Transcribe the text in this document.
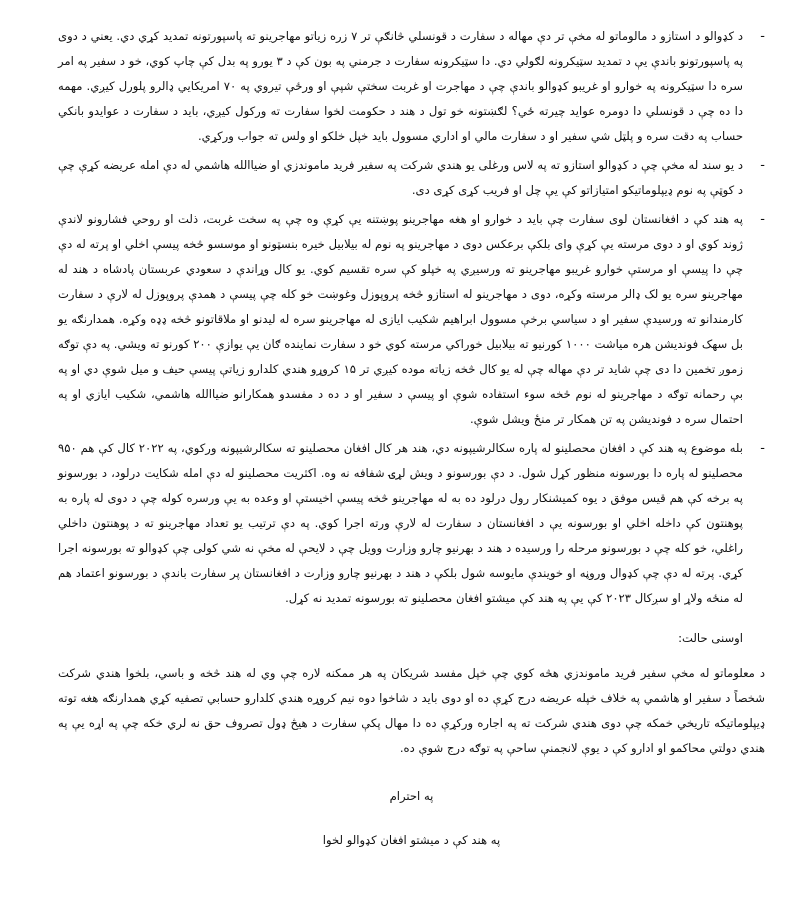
-
د کډوالو د استازو د مالوماتو له مخې تر دې مهاله د سفارت د قونسلي څانګې تر ۷ زره زیاتو مهاجرینو ته پاسپورتونه تمدید کړي دي. یعني د دوی په پاسپورتونو باندې یې د تمدید سټیکرونه لګولي دي. دا سټیکرونه سفارت د جرمني په بون کې د ۳ یورو په بدل کې چاپ کوي، خو د سفیر په امر سره دا سټیکرونه په خوارو او غریبو کډوالو باندې چې د مهاجرت او غربت سختې شپې او ورځې تیروي په ۷۰ امریکایي ډالرو پلورل کیږي. مهمه دا ده چې د قونسلي دا دومره عوايد چیرته ځي؟ لګښتونه خو تول د هند د حکومت لخوا سفارت ته ورکول کیږي، باید د سفارت د عوايدو بانکي حساب په دقت سره و پلټل شي سفیر او د سفارت مالي او اداري مسوول باید خپل خلکو او ولس ته جواب ورکړي.
-
د یو سند له مخې چې د کډوالو استازو ته په لاس ورغلی یو هندي شرکت په سفیر فرید ماموندزي او ضیاالله هاشمي له دې امله عریضه کړې چې د کوټې په نوم ډیپلوماتیکو امتیازاتو کې یې چل او فریب کړی کړی دی.
-
په هند کې د افغانستان لوی سفارت چې باید د خوارو او هغه مهاجرینو پوښتنه یې کړې وه چې په سخت غربت، ذلت او روحي فشارونو لاندې ژوند کوي او د دوی مرسته یې کړې وای بلکې برعکس دوی د مهاجرینو په نوم له بیلابیل خیره بنسټونو او موسسو څخه پیسې اخلي او پرته له دې چې دا پیسې او مرستې خوارو غریبو مهاجرینو ته ورسیږي په خپلو کې سره تقسیم کوي. یو کال وړاندې د سعودي عربستان پادشاه د هند له مهاجرینو سره یو لک ډالر مرسته وکړه، دوی د مهاجرینو له استازو څخه پروپوزل وغوښت خو کله چې پیسې د همدې پروپوزل له لارې د سفارت کارمندانو ته ورسیدې سفیر او د سیاسي برخې مسوول ابراهیم شکیب ایازی له مهاجرینو سره له لیدنو او ملاقاتونو څخه ډډه وکړه. همدارنګه یو بل سهک فوندیشن هره میاشت ۱۰۰۰ کورنیو ته بیلابیل خوراکي مرسته کوي خو د سفارت نماینده ګان یې یوازې ۲۰۰ کورنو ته ویشي. په دې توګه زموږ تخمین دا دی چې شاید تر دې مهاله چې له یو کال څخه زیاته موده کیږي تر ۱۵ کروړو هندي کلدارو زیاتې پیسې حیف و میل شوې دي او په بې رحمانه توګه د مهاجرینو له نوم څخه سوء استفاده شوې او پیسې د سفیر او د ده د مفسدو همکارانو ضیاالله هاشمي، شکیب ایازي او په احتمال سره د فوندیشن په تن همکار تر منځ ویشل شوې.
-
بله موضوع په هند کې د افغان محصلینو له پاره سکالرشیپونه دي، هند هر کال افغان محصلینو ته سکالرشیپونه ورکوي، په ۲۰۲۲ کال کې هم ۹۵۰ محصلینو له پاره دا بورسونه منظور کړل شول. د دې بورسونو د ویش لړۍ شفافه نه وه. اکثریت محصلینو له دې امله شکایت درلود، د بورسونو په برخه کې هم قیس موفق د یوه کمیشنکار رول درلود ده به له مهاجرینو څخه پیسې اخیستې او وعده به یې ورسره کوله چې د دوی له پاره به پوهنتون کې داخله اخلي او بورسونه یې د افغانستان د سفارت له لارې ورته اجرا کوي. په دې ترتیب یو تعداد مهاجرینو ته د پوهنتون داخلي راغلي، خو کله چې د بورسونو مرحله را ورسیده د هند د بهرنیو چارو وزارت وویل چې د لایحې له مخې نه شي کولی چې کډوالو ته بورسونه اجرا کړي. پرته له دې چې کډوال وروڼه او خویندې مایوسه شول بلکې د هند د بهرنیو چارو وزارت د افغانستان پر سفارت باندې د بورسونو اعتماد هم له منځه ولاړ او سږکال ۲۰۲۳ کې یې په هند کې میشتو افغان محصلینو ته بورسونه تمدید نه کړل.
اوسنی حالت:

د معلوماتو له مخې سفیر فرید ماموندزي هڅه کوي چې خپل مفسد شریکان په هر ممکنه لاره چې وي له هند څخه و باسي، بلخوا هندي شرکت شخصاً د سفیر او هاشمي په خلاف خپله عریضه درج کړې ده او دوی باید د شاخوا دوه نیم کروړه هندي کلدارو حسابي تصفیه کړي همدارنګه هغه تو‌ته ډیپلوماتیکه تاریخي خمکه چې دوی هندي شرکت ته په اجاره ورکړې ده دا مهال پکې سفارت د هیڅ ډول تصروف حق نه لري خکه چې په اړه یې په هندي دولتي محاکمو او ادارو کې د یوې لانجمنې ساحې په توګه درج شوې ده.

په احترام
په هند کې د میشتو افغان کډوالو لخوا
